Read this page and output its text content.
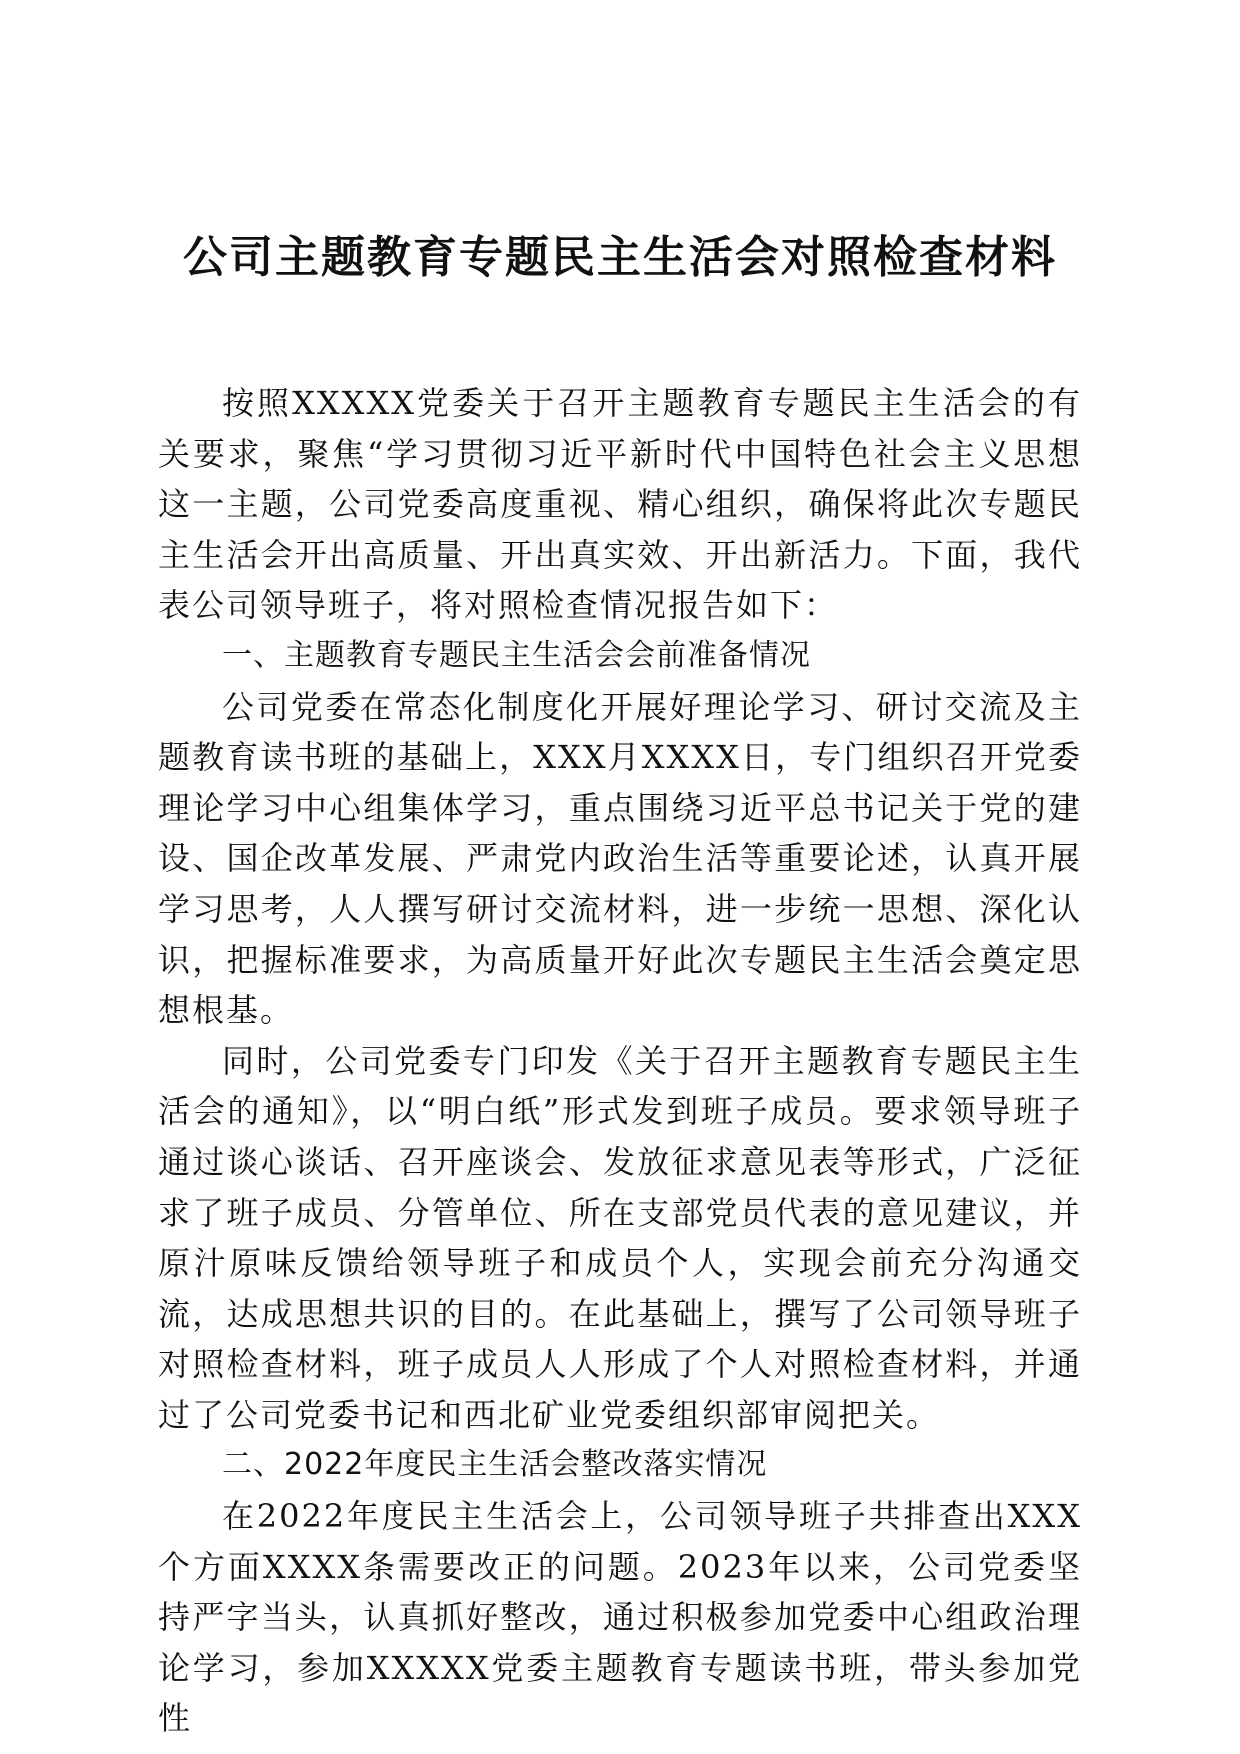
公司主题教育专题民主生活会对照检查材料

按照XXXXX党委关于召开主题教育专题民主生活会的有关要求，聚焦“学习贯彻习近平新时代中国特色社会主义思想这一主题，公司党委高度重视、精心组织，确保将此次专题民主生活会开出高质量、开出真实效、开出新活力。下面，我代表公司领导班子，将对照检查情况报告如下：

一、主题教育专题民主生活会会前准备情况

公司党委在常态化制度化开展好理论学习、研讨交流及主题教育读书班的基础上，XXX月XXXX日，专门组织召开党委理论学习中心组集体学习，重点围绕习近平总书记关于党的建设、国企改革发展、严肃党内政治生活等重要论述，认真开展学习思考，人人撰写研讨交流材料，进一步统一思想、深化认识，把握标准要求，为高质量开好此次专题民主生活会奠定思想根基。

同时，公司党委专门印发《关于召开主题教育专题民主生活会的通知》，以“明白纸”形式发到班子成员。要求领导班子通过谈心谈话、召开座谈会、发放征求意见表等形式，广泛征求了班子成员、分管单位、所在支部党员代表的意见建议，并原汁原味反馈给领导班子和成员个人，实现会前充分沟通交流，达成思想共识的目的。在此基础上，撰写了公司领导班子对照检查材料，班子成员人人形成了个人对照检查材料，并通过了公司党委书记和西北矿业党委组织部审阅把关。

二、2022年度民主生活会整改落实情况

在2022年度民主生活会上，公司领导班子共排查出XXX个方面XXXX条需要改正的问题。2023年以来，公司党委坚持严字当头，认真抓好整改，通过积极参加党委中心组政治理论学习，参加XXXXX党委主题教育专题读书班，带头参加党性
